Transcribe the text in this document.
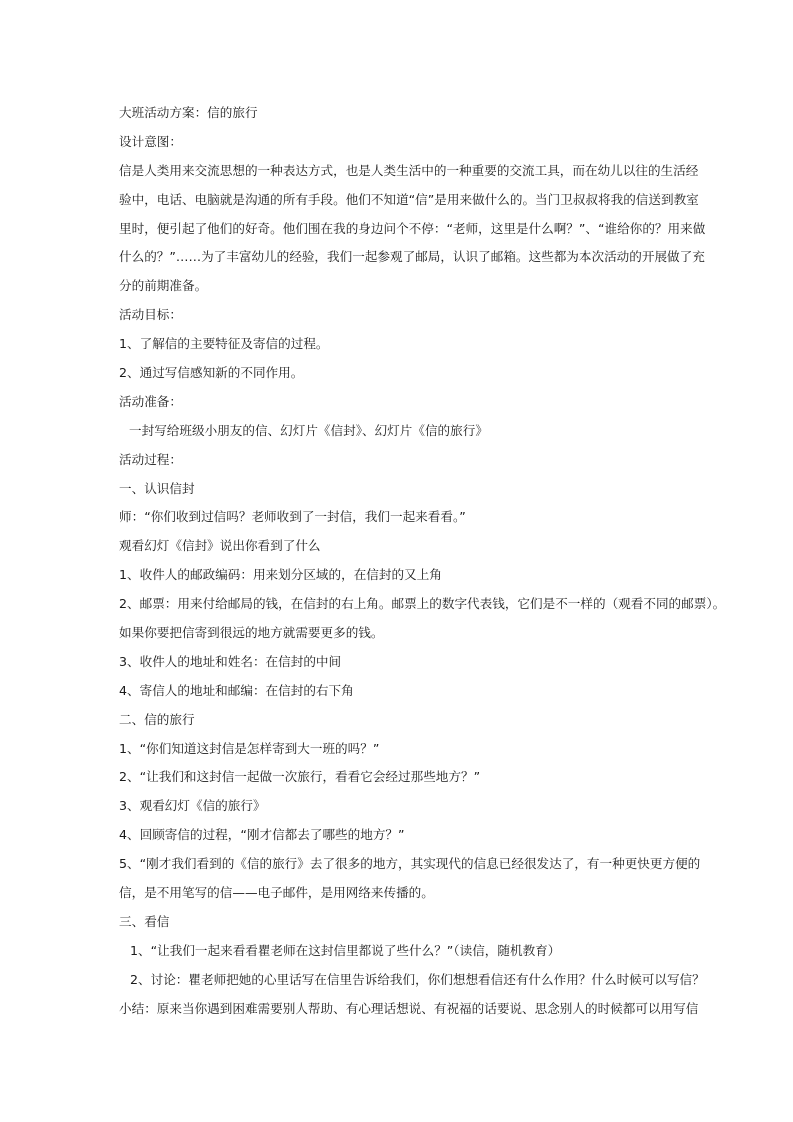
大班活动方案：信的旅行
设计意图：
信是人类用来交流思想的一种表达方式，也是人类生活中的一种重要的交流工具，而在幼儿以往的生活经
验中，电话、电脑就是沟通的所有手段。他们不知道“信”是用来做什么的。当门卫叔叔将我的信送到教室
里时，便引起了他们的好奇。他们围在我的身边问个不停：“老师，这里是什么啊？”、“谁给你的？用来做
什么的？”……为了丰富幼儿的经验，我们一起参观了邮局，认识了邮箱。这些都为本次活动的开展做了充
分的前期准备。
活动目标：
1、了解信的主要特征及寄信的过程。
2、通过写信感知新的不同作用。
活动准备：
一封写给班级小朋友的信、幻灯片《信封》、幻灯片《信的旅行》
活动过程：
一、认识信封
师：“你们收到过信吗？老师收到了一封信，我们一起来看看。”
观看幻灯《信封》说出你看到了什么
1、收件人的邮政编码：用来划分区域的，在信封的又上角
2、邮票：用来付给邮局的钱，在信封的右上角。邮票上的数字代表钱，它们是不一样的（观看不同的邮票）。
如果你要把信寄到很远的地方就需要更多的钱。
3、收件人的地址和姓名：在信封的中间
4、寄信人的地址和邮编：在信封的右下角
二、信的旅行
1、“你们知道这封信是怎样寄到大一班的吗？”
2、“让我们和这封信一起做一次旅行，看看它会经过那些地方？”
3、观看幻灯《信的旅行》
4、回顾寄信的过程，“刚才信都去了哪些的地方？”
5、“刚才我们看到的《信的旅行》去了很多的地方，其实现代的信息已经很发达了，有一种更快更方便的
信，是不用笔写的信——电子邮件，是用网络来传播的。
三、看信
1、“让我们一起来看看瞿老师在这封信里都说了些什么？”（读信，随机教育）
2、讨论：瞿老师把她的心里话写在信里告诉给我们，你们想想看信还有什么作用？什么时候可以写信？
小结：原来当你遇到困难需要别人帮助、有心理话想说、有祝福的话要说、思念别人的时候都可以用写信
